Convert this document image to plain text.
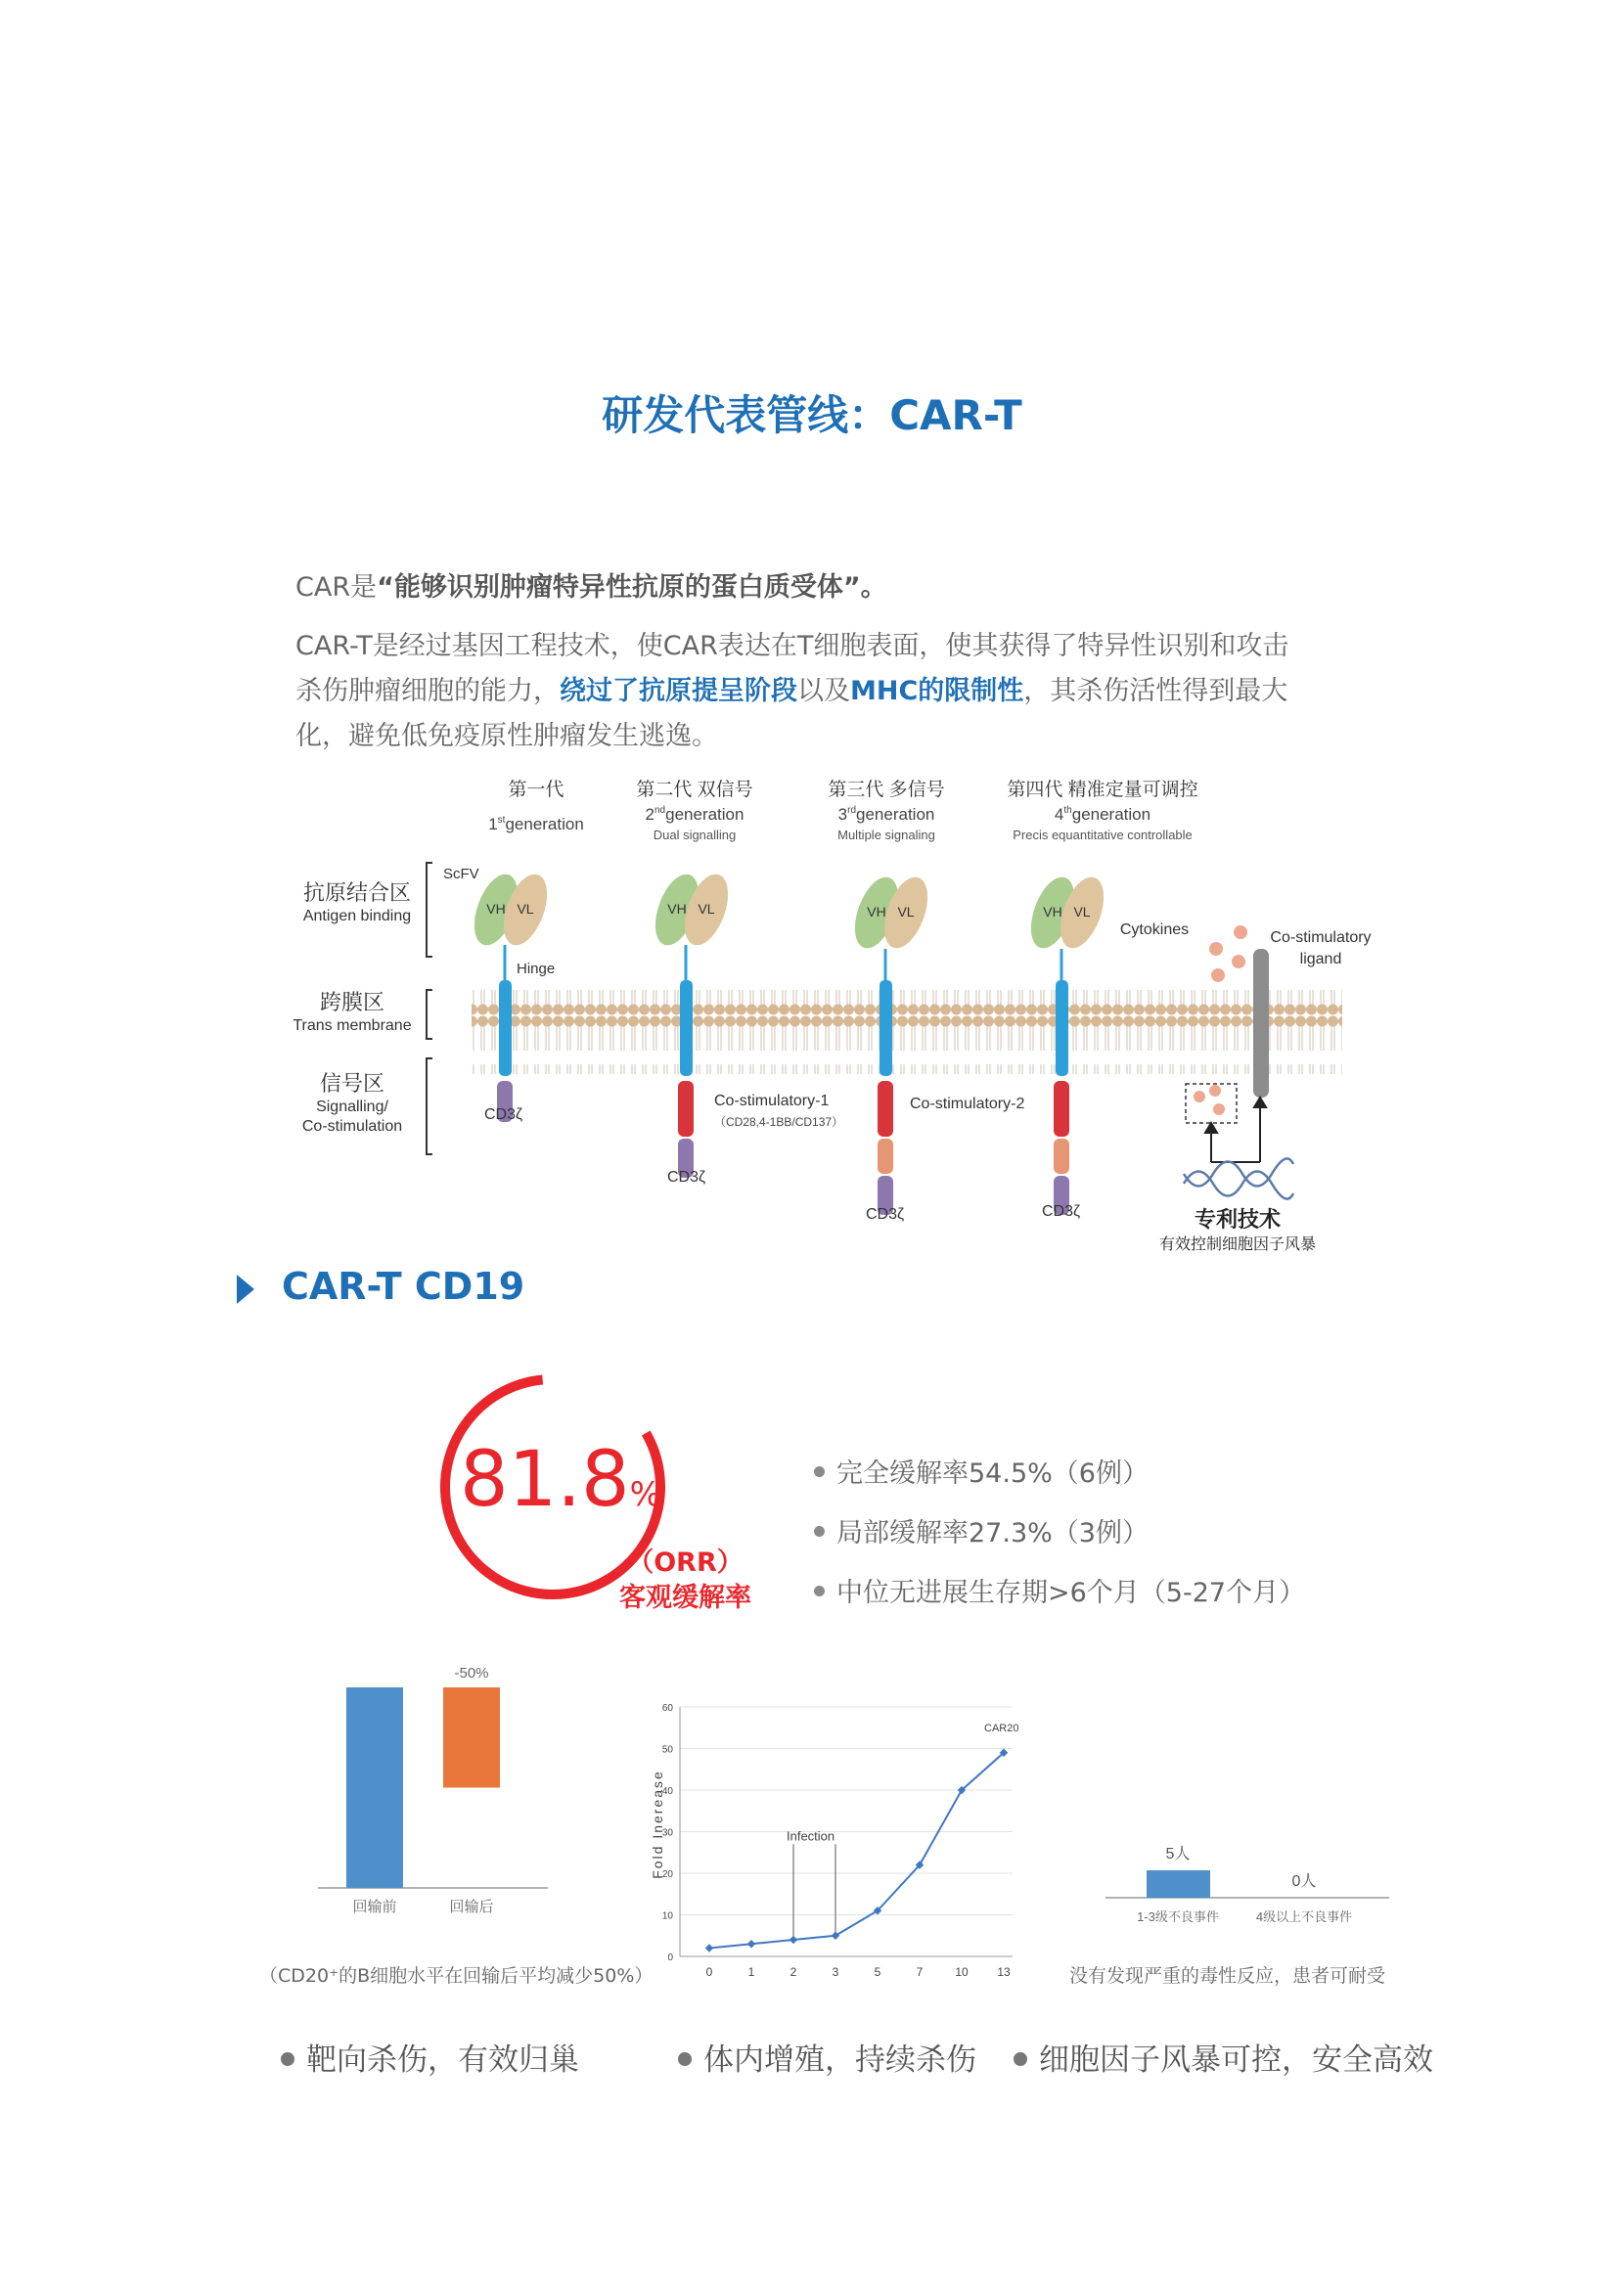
研发代表管线：CAR-T
CAR是“能够识别肿瘤特异性抗原的蛋白质受体”。
CAR-T是经过基因工程技术，使CAR表达在T细胞表面，使其获得了特异性识别和攻击杀伤肿瘤细胞的能力，绕过了抗原提呈阶段以及MHC的限制性，其杀伤活性得到最大化，避免低免疫原性肿瘤发生逃逸。
第一代	第二代 双信号	第三代 多信号	第四代 精准定量可调控
1stgeneration
2ndgeneration	3rdgeneration	4thgeneration
Dual signalling	Multiple signaling	Precis equantitative controllable
抗原结合区
Antigen binding
跨膜区
Trans membrane
信号区
Signalling/
Co-stimulation
ScFV
Hinge
VH VL	VH VL	VH VL	VH VL
CD3ζ
CD3ζ
CD3ζ	CD3ζ
Co-stimulatory-1	Co-stimulatory-2
（CD28,4-1BB/CD137）
Cytokines	Co-stimulatory
ligand
专利技术
有效控制细胞因子风暴
CAR-T CD19
81.8%
（ORR）
客观缓解率
完全缓解率54.5%（6例）
局部缓解率27.3%（3例）
中位无进展生存期>6个月（5-27个月）
-50%
回输前	回输后
（CD20⁺的B细胞水平在回输后平均减少50%）
0
10
20
30
40
50
60
0	1	2	3	5	7	10 13
Fold Inerease	Infection
CAR20
5人
0人
1-3级不良事件	4级以上不良事件
没有发现严重的毒性反应，患者可耐受
靶向杀伤，有效归巢	体内增殖，持续杀伤	细胞因子风暴可控，安全高效
